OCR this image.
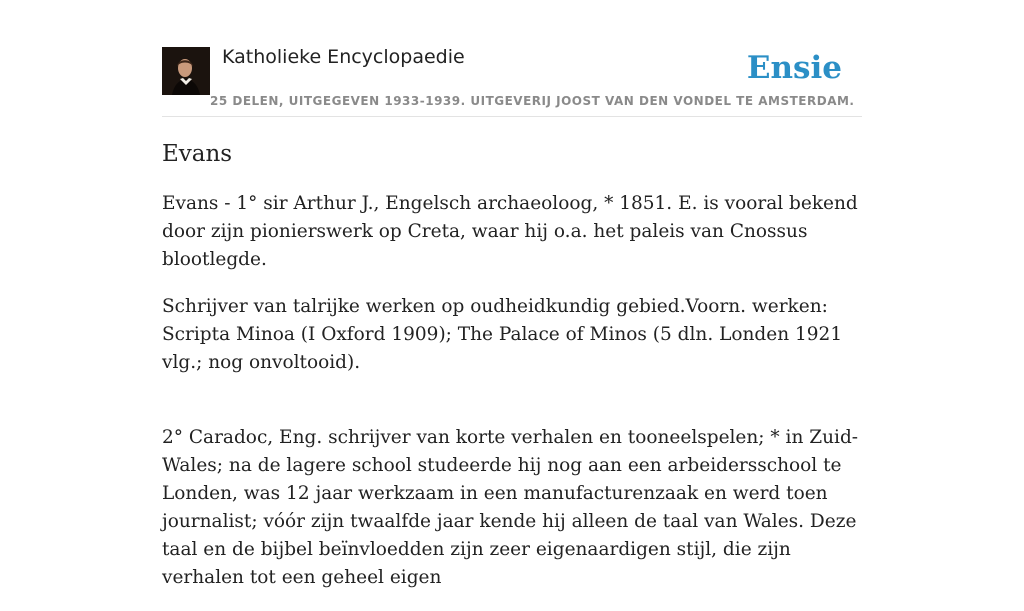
Katholieke Encyclopaedie	Ensie
25 DELEN, UITGEGEVEN 1933-1939. UITGEVERIJ JOOST VAN DEN VONDEL TE AMSTERDAM.
Evans

Evans - 1° sir Arthur J., Engelsch archaeoloog, * 1851. E. is vooral bekend door zijn pionierswerk op Creta, waar hij o.a. het paleis van Cnossus blootlegde.

Schrijver van talrijke werken op oudheidkundig gebied.Voorn. werken: Scripta Minoa (I Oxford 1909); The Palace of Minos (5 dln. Londen 1921 vlg.; nog onvoltooid).

2° Caradoc, Eng. schrijver van korte verhalen en tooneelspelen; * in Zuid-Wales; na de lagere school studeerde hij nog aan een arbeidersschool te Londen, was 12 jaar werkzaam in een manufacturenzaak en werd toen journalist; vóór zijn twaalfde jaar kende hij alleen de taal van Wales. Deze taal en de bijbel beïnvloedden zijn zeer eigenaardigen stijl, die zijn verhalen tot een geheel eigen
